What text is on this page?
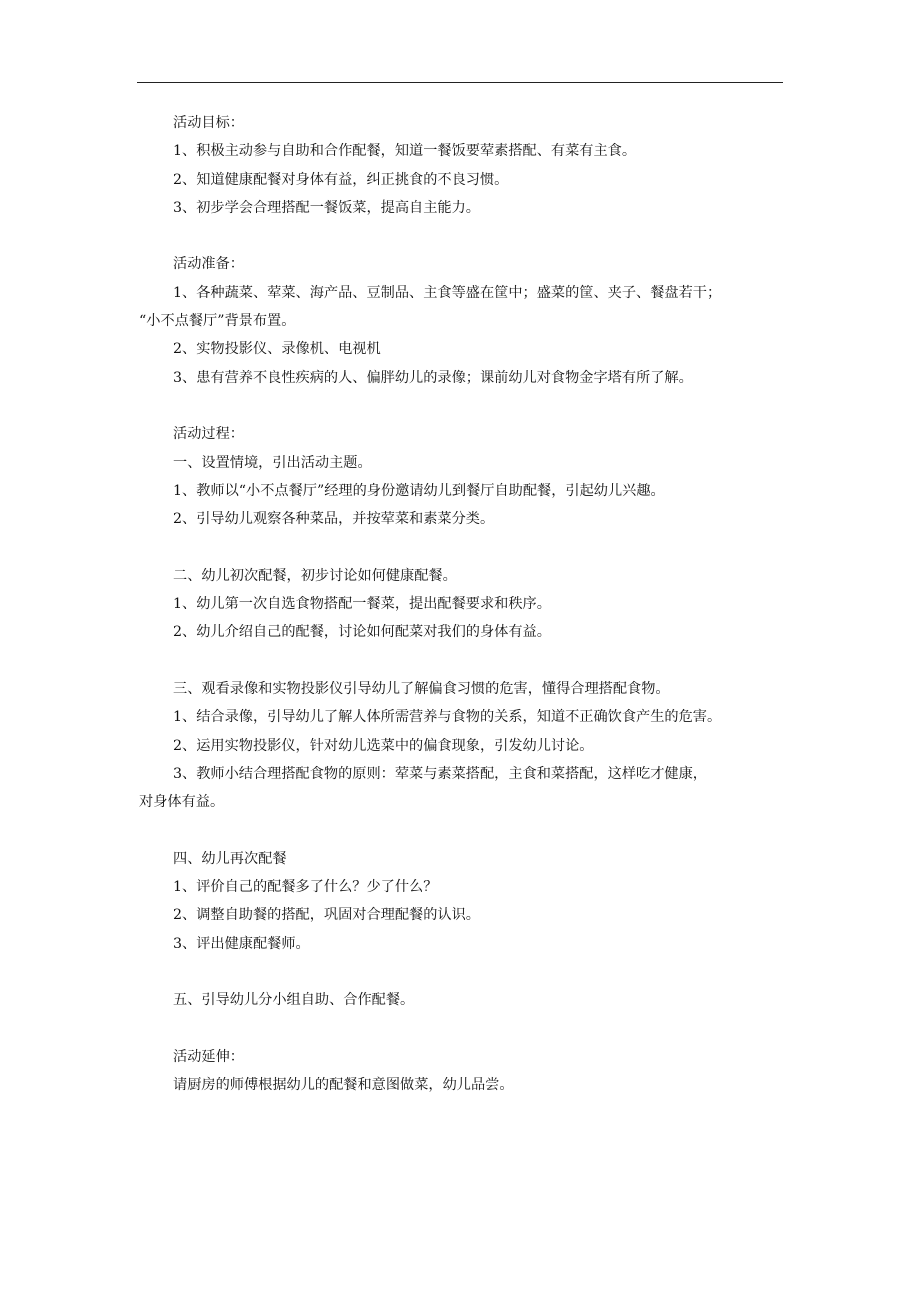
活动目标：

1、积极主动参与自助和合作配餐，知道一餐饭要荤素搭配、有菜有主食。

2、知道健康配餐对身体有益，纠正挑食的不良习惯。

3、初步学会合理搭配一餐饭菜，提高自主能力。

活动准备：

1、各种蔬菜、荤菜、海产品、豆制品、主食等盛在筐中；盛菜的筐、夹子、餐盘若干；

“小不点餐厅”背景布置。

2、实物投影仪、录像机、电视机

3、患有营养不良性疾病的人、偏胖幼儿的录像；课前幼儿对食物金字塔有所了解。

活动过程：

一、设置情境，引出活动主题。

1、教师以“小不点餐厅”经理的身份邀请幼儿到餐厅自助配餐，引起幼儿兴趣。

2、引导幼儿观察各种菜品，并按荤菜和素菜分类。

二、幼儿初次配餐，初步讨论如何健康配餐。

1、幼儿第一次自选食物搭配一餐菜，提出配餐要求和秩序。

2、幼儿介绍自己的配餐，讨论如何配菜对我们的身体有益。

三、观看录像和实物投影仪引导幼儿了解偏食习惯的危害，懂得合理搭配食物。

1、结合录像，引导幼儿了解人体所需营养与食物的关系，知道不正确饮食产生的危害。

2、运用实物投影仪，针对幼儿选菜中的偏食现象，引发幼儿讨论。

3、教师小结合理搭配食物的原则：荤菜与素菜搭配，主食和菜搭配，这样吃才健康，

对身体有益。

四、幼儿再次配餐

1、评价自己的配餐多了什么？少了什么？

2、调整自助餐的搭配，巩固对合理配餐的认识。

3、评出健康配餐师。

五、引导幼儿分小组自助、合作配餐。

活动延伸：

请厨房的师傅根据幼儿的配餐和意图做菜，幼儿品尝。
